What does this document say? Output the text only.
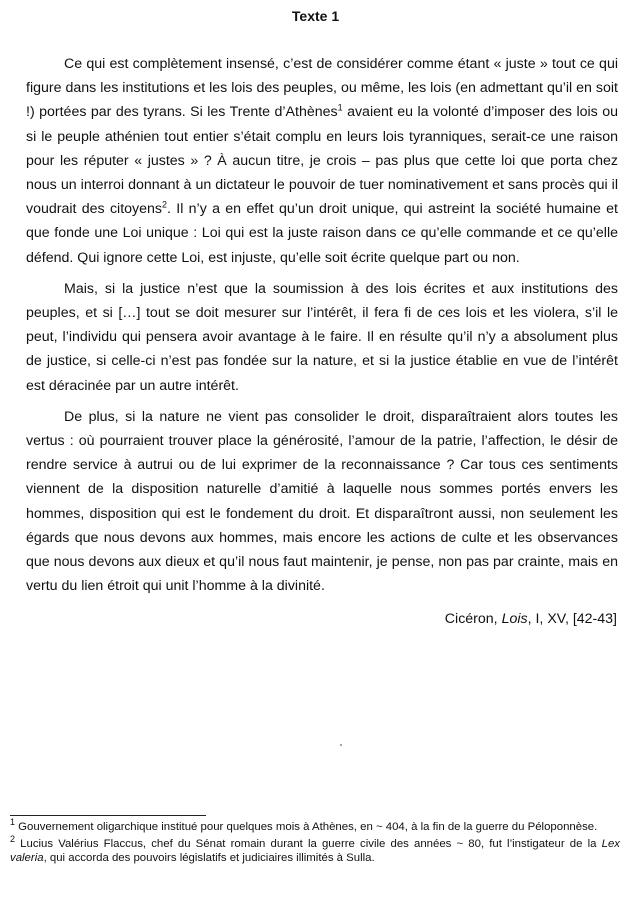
Texte 1

Ce qui est complètement insensé, c’est de considérer comme étant « juste » tout ce qui figure dans les institutions et les lois des peuples, ou même, les lois (en admettant qu’il en soit !) portées par des tyrans. Si les Trente d’Athènes$^1$ avaient eu la volonté d’imposer des lois ou si le peuple athénien tout entier s’était complu en leurs lois tyranniques, serait-ce une raison pour les réputer « justes » ? À aucun titre, je crois – pas plus que cette loi que porta chez nous un interroi donnant à un dictateur le pouvoir de tuer nominativement et sans procès qui il voudrait des citoyens$^2$. Il n’y a en effet qu’un droit unique, qui astreint la société humaine et que fonde une Loi unique : Loi qui est la juste raison dans ce qu’elle commande et ce qu’elle défend. Qui ignore cette Loi, est injuste, qu’elle soit écrite quelque part ou non.

Mais, si la justice n’est que la soumission à des lois écrites et aux institutions des peuples, et si […] tout se doit mesurer sur l’intérêt, il fera fi de ces lois et les violera, s’il le peut, l’individu qui pensera avoir avantage à le faire. Il en résulte qu’il n’y a absolument plus de justice, si celle-ci n’est pas fondée sur la nature, et si la justice établie en vue de l’intérêt est déracinée par un autre intérêt.

De plus, si la nature ne vient pas consolider le droit, disparaîtraient alors toutes les vertus : où pourraient trouver place la générosité, l’amour de la patrie, l’affection, le désir de rendre service à autrui ou de lui exprimer de la reconnaissance ? Car tous ces sentiments viennent de la disposition naturelle d’amitié à laquelle nous sommes portés envers les hommes, disposition qui est le fondement du droit. Et disparaîtront aussi, non seulement les égards que nous devons aux hommes, mais encore les actions de culte et les observances que nous devons aux dieux et qu’il nous faut maintenir, je pense, non pas par crainte, mais en vertu du lien étroit qui unit l’homme à la divinité.

Cicéron, Lois, I, XV, [42-43]

$^1$ Gouvernement oligarchique institué pour quelques mois à Athènes, en ~ 404, à la fin de la guerre du Péloponnèse.

$^2$ Lucius Valérius Flaccus, chef du Sénat romain durant la guerre civile des années ~ 80, fut l’instigateur de la Lex valeria, qui accorda des pouvoirs législatifs et judiciaires illimités à Sulla.
